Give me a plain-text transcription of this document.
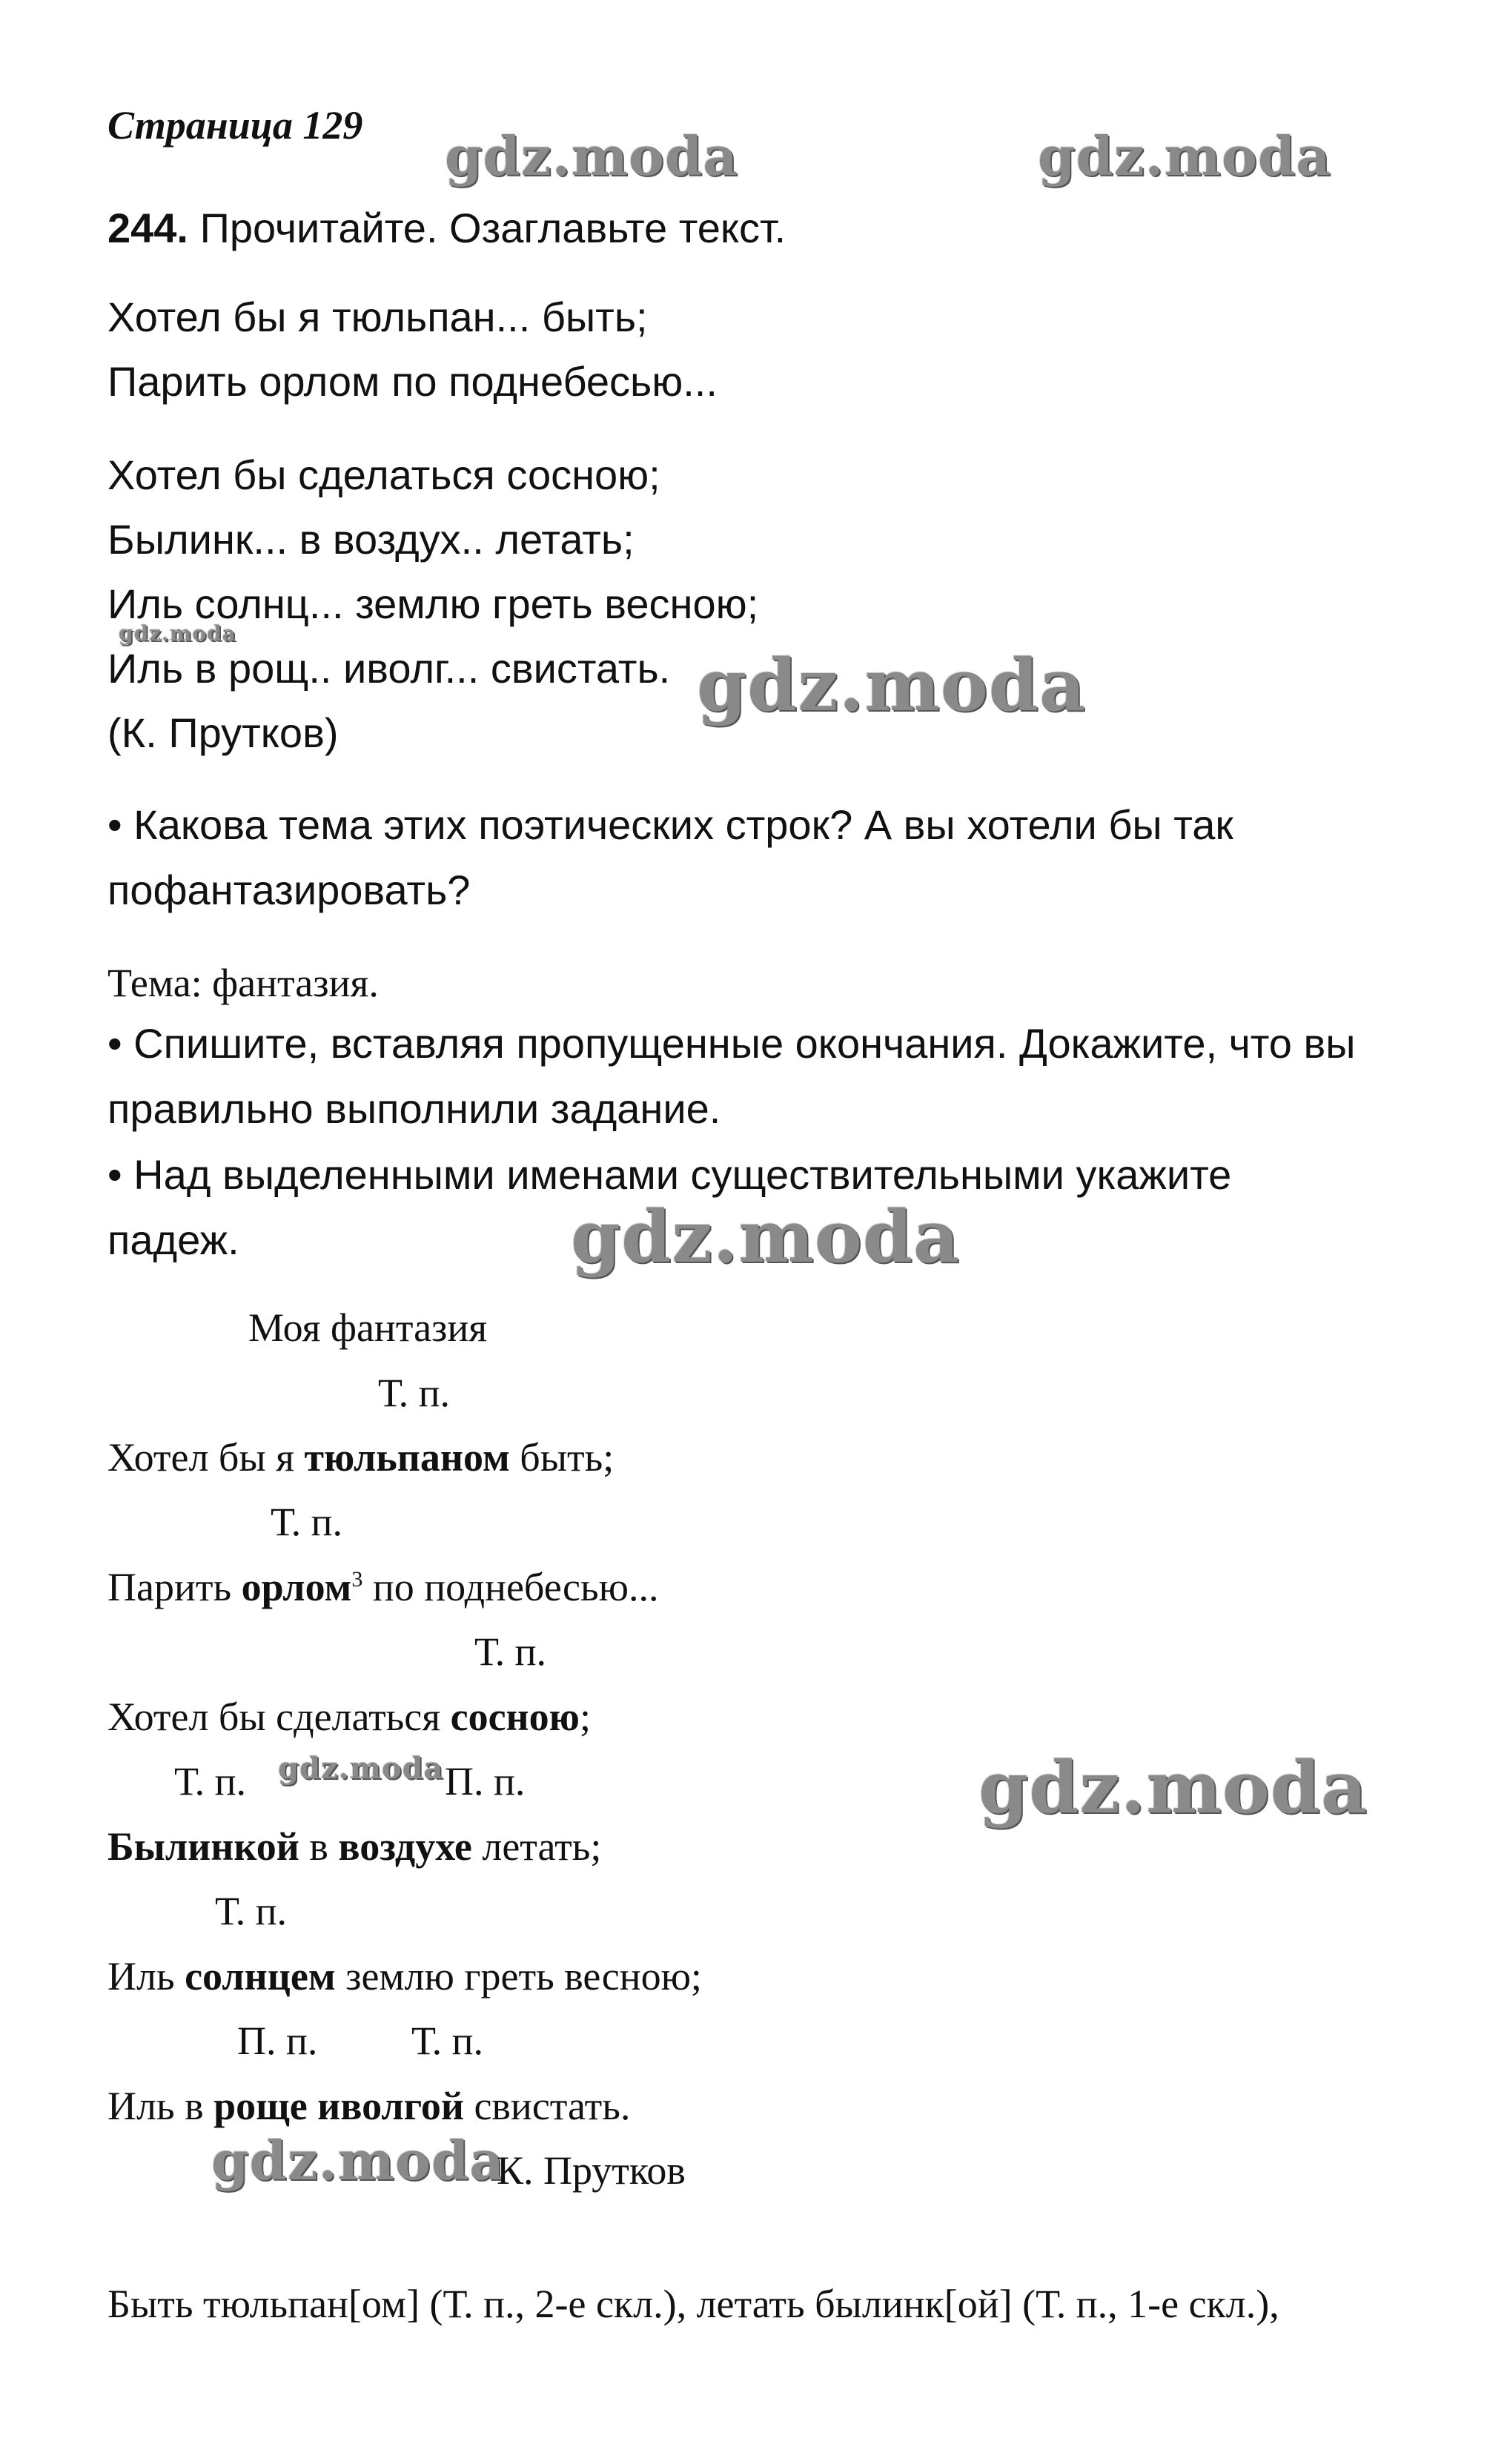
Страница 129 gdz.moda	gdz.moda
244. Прочитайте. Озаглавьте текст.
Хотел бы я тюльпан... быть;
Парить орлом по поднебесью...
Хотел бы сделаться сосною;
Былинк... в воздух.. летать;
Иль солнц... землю греть весною;
gdz.moda
Иль в рощ.. иволг... свистать. gdz.moda
(К. Прутков)
• Какова тема этих поэтических строк? А вы хотели бы так
пофантазировать?
Тема: фантазия.
• Спишите, вставляя пропущенные окончания. Докажите, что вы
правильно выполнили задание.
• Над выделенными именами существительными укажите
падеж.	gdz.moda
Моя фантазия
Т. п.
Хотел бы я тюльпаном быть;
Т. п.
Парить орлом$^3$ по поднебесью...
Т. п.
Хотел бы сделаться сосною;
Т. п. gdz.moda П. п.	gdz.moda
Былинкой в воздухе летать;
Т. п.
Иль солнцем землю греть весною;
П. п. Т. п.
Иль в роще иволгой свистать.
gdz.moda
К. Прутков
Быть тюльпан[ом] (Т. п., 2-е скл.), летать былинк[ой] (Т. п., 1-е скл.),
